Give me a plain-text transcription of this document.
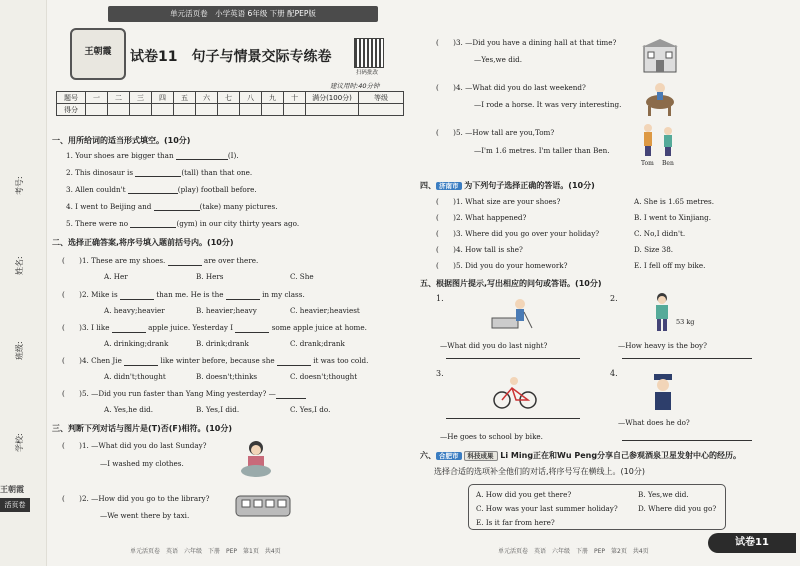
学校:
班级:
姓名:
考号:
王朝霞
活页卷
单元活页卷　小学英语 6年级 下册 配PEP版
王朝霞	试卷11　句子与情景交际专练卷
扫码批改
建议用时:40分钟
题号	一	二	三	四	五	六	七	八	九	十	满分(100分)	等级
得分												
一、用所给词的适当形式填空。(10分)
1. Your shoes are bigger than	(I).
2. This dinosaur is	(tall) than that one.
3. Allen couldn't	(play) football before.
4. I went to Beijing and	(take) many pictures.
5. There were no	(gym) in our city thirty years ago.
二、选择正确答案,将序号填入题前括号内。(10分)
(　　)1. These are my shoes.	are over there.
A. Her	B. Hers	C. She
(　　)2. Mike is	than me. He is the	in my class.
A. heavy;heavier	B. heavier;heavy	C. heavier;heaviest
(　　)3. I like	apple juice. Yesterday I	some apple juice at home.
A. drinking;drank	B. drink;drank	C. drank;drank
(　　)4. Chen Jie	like winter before, because she	it was too cold.
A. didn't;thought	B. doesn't;thinks	C. doesn't;thought
(　　)5. —Did you run faster than Yang Ming yesterday? —
A. Yes,he did.	B. Yes,I did.	C. Yes,I do.
三、判断下列对话与图片是(T)否(F)相符。(10分)
(　　)1. —What did you do last Sunday?
—I washed my clothes.
(　　)2. —How did you go to the library?
—We went there by taxi.
单元活页卷　英语　六年级　下册　PEP　第1页　共4页
(　　)3. —Did you have a dining hall at that time?
—Yes,we did.
(　　)4. —What did you do last weekend?
—I rode a horse. It was very interesting.
(　　)5. —How tall are you,Tom?
—I'm 1.6 metres. I'm taller than Ben.
Tom Ben
四、 济南市 为下列句子选择正确的答语。(10分)
(　　)1. What size are your shoes?
(　　)2. What happened?
(　　)3. Where did you go over your holiday?
(　　)4. How tall is she?
(　　)5. Did you do your homework?
A. She is 1.65 metres.
B. I went to Xinjiang.
C. No,I didn't.
D. Size 38.
E. I fell off my bike.
五、根据图片提示,写出相应的问句或答语。(10分)
1.	2.
53 kg
—What did you do last night?	—How heavy is the boy?
3.	4.
—What does he do?
—He goes to school by bike.
六、 合肥市 科技成果 Li Ming正在和Wu Peng分享自己参观酒泉卫星发射中心的经历。
选择合适的选项补全他们的对话,将序号写在横线上。(10分)
A. How did you get there?	B. Yes,we did.
C. How was your last summer holiday?	D. Where did you go?
E. Is it far from here?
单元活页卷　英语　六年级　下册　PEP　第2页　共4页
试卷11
